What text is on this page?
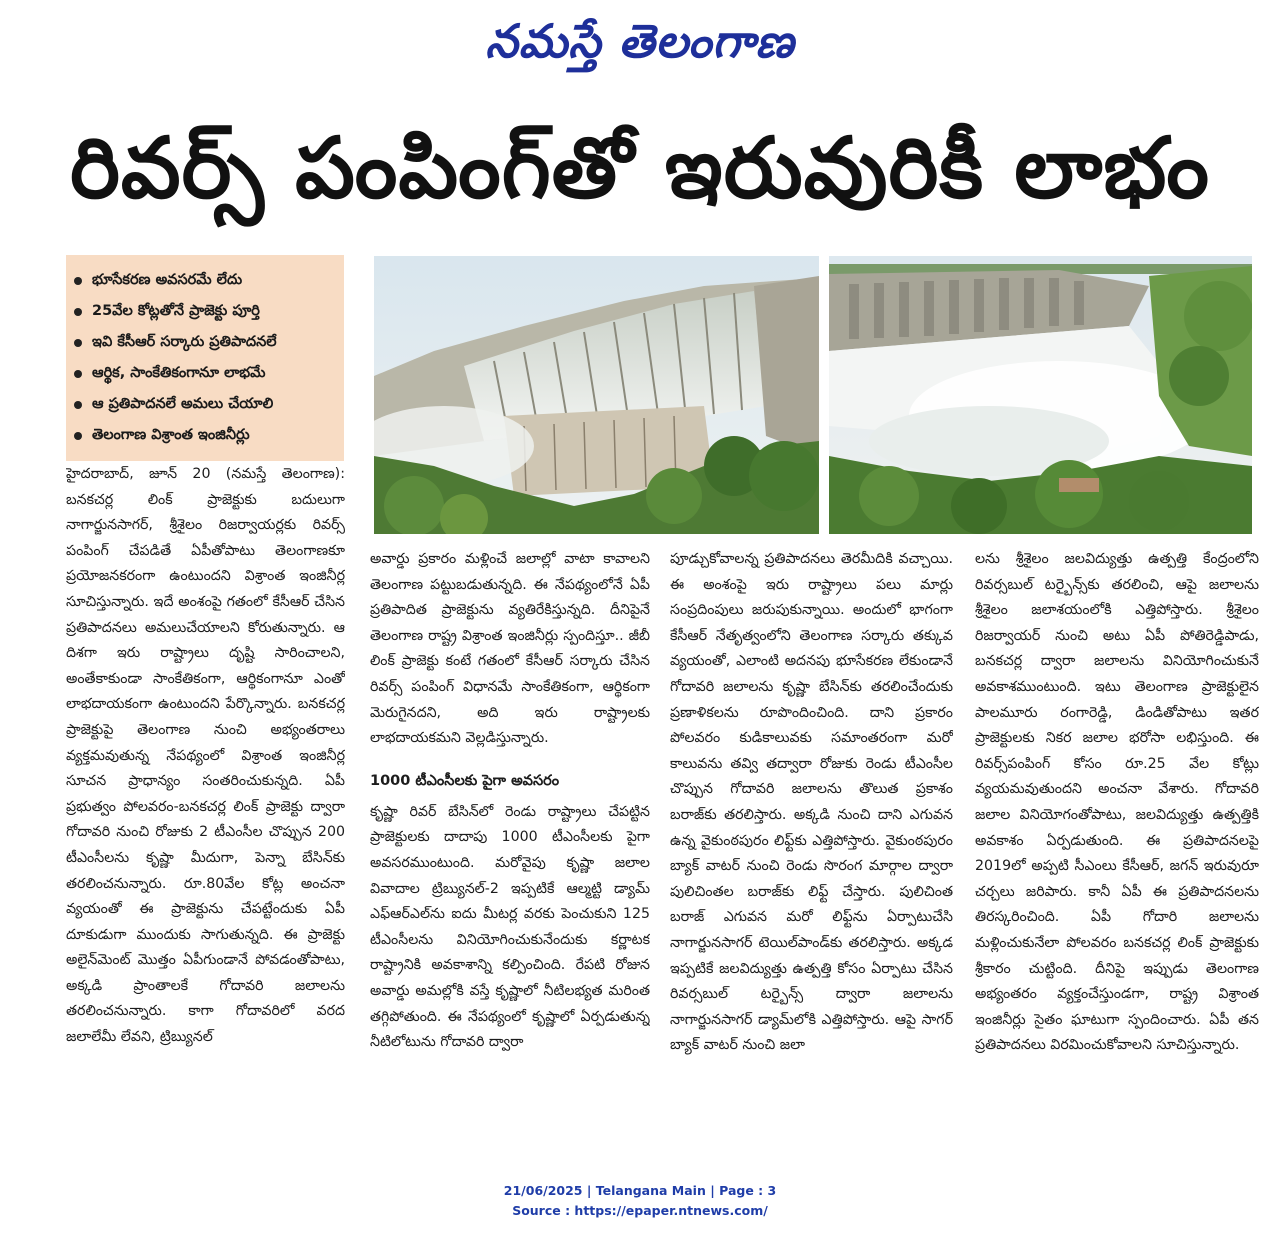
నమస్తే తెలంగాణ
రివర్స్ పంపింగ్‌తో ఇరువురికీ లాభం
భూసేకరణ అవసరమే లేదు
25వేల కోట్లతోనే ప్రాజెక్టు పూర్తి
ఇవి కేసీఆర్ సర్కారు ప్రతిపాదనలే
ఆర్థిక, సాంకేతికంగానూ లాభమే
ఆ ప్రతిపాదనలే అమలు చేయాలి
తెలంగాణ విశ్రాంత ఇంజినీర్లు

హైదరాబాద్, జూన్ 20 (నమస్తే తెలంగాణ): బనకచర్ల లింక్ ప్రాజెక్టుకు బదులుగా నాగార్జునసాగర్, శ్రీశైలం రిజర్వాయర్లకు రివర్స్ పంపింగ్ చేపడితే ఏపీతోపాటు తెలంగాణకూ ప్రయోజనకరంగా ఉంటుందని విశ్రాంత ఇంజినీర్ల సూచిస్తున్నారు. ఇదే అంశంపై గతంలో కేసీఆర్ చేసిన ప్రతిపాదనలు అమలుచేయాలని కోరుతున్నారు. ఆ దిశగా ఇరు రాష్ట్రాలు దృష్టి సారించాలని, అంతేకాకుండా సాంకేతికంగా, ఆర్థికంగానూ ఎంతో లాభదాయకంగా ఉంటుందని పేర్కొన్నారు. బనకచర్ల ప్రాజెక్టుపై తెలంగాణ నుంచి అభ్యంతరాలు వ్యక్తమవుతున్న నేపథ్యంలో విశ్రాంత ఇంజినీర్ల సూచన ప్రాధాన్యం సంతరించుకున్నది. ఏపీ ప్రభుత్వం పోలవరం-బనకచర్ల లింక్ ప్రాజెక్టు ద్వారా గోదావరి నుంచి రోజుకు 2 టీఎంసీల చొప్పున 200 టీఎంసీలను కృష్ణా మీదుగా, పెన్నా బేసిన్‌కు తరలించనున్నారు. రూ.80వేల కోట్ల అంచనా వ్యయంతో ఈ ప్రాజెక్టును చేపట్టేందుకు ఏపీ దూకుడుగా ముందుకు సాగుతున్నది. ఈ ప్రాజెక్టు అలైన్‌మెంట్ మొత్తం ఏపీగుండానే పోవడంతోపాటు, అక్కడి ప్రాంతాలకే గోదావరి జలాలను తరలించనున్నారు. కాగా గోదావరిలో వరద జలాలేమీ లేవని, ట్రిబ్యునల్

అవార్డు ప్రకారం మళ్లించే జలాల్లో వాటా కావాలని తెలంగాణ పట్టుబడుతున్నది. ఈ నేపథ్యంలోనే ఏపీ ప్రతిపాదిత ప్రాజెక్టును వ్యతిరేకిస్తున్నది. దీనిపైనే తెలంగాణ రాష్ట్ర విశ్రాంత ఇంజినీర్లు స్పందిస్తూ.. జీబీ లింక్ ప్రాజెక్టు కంటే గతంలో కేసీఆర్ సర్కారు చేసిన రివర్స్ పంపింగ్ విధానమే సాంకేతికంగా, ఆర్థికంగా మెరుగైనదని, అది ఇరు రాష్ట్రాలకు లాభదాయకమని వెల్లడిస్తున్నారు.

1000 టీఎంసీలకు పైగా అవసరం

కృష్ణా రివర్ బేసిన్‌లో రెండు రాష్ట్రాలు చేపట్టిన ప్రాజెక్టులకు దాదాపు 1000 టీఎంసీలకు పైగా అవసరముంటుంది. మరోవైపు కృష్ణా జలాల వివాదాల ట్రిబ్యునల్-2 ఇప్పటికే ఆల్మట్టి డ్యామ్ ఎఫ్‌ఆర్‌ఎల్‌ను ఐదు మీటర్ల వరకు పెంచుకుని 125 టీఎంసీలను వినియోగించుకునేందుకు కర్ణాటక రాష్ట్రానికి అవకాశాన్ని కల్పించింది. రేపటి రోజున అవార్డు అమల్లోకి వస్తే కృష్ణాలో నీటిలభ్యత మరింత తగ్గిపోతుంది. ఈ నేపథ్యంలో కృష్ణాలో ఏర్పడుతున్న నీటిలోటును గోదావరి ద్వారా

పూడ్చుకోవాలన్న ప్రతిపాదనలు తెరమీదికి వచ్చాయి. ఈ అంశంపై ఇరు రాష్ట్రాలు పలు మార్లు సంప్రదింపులు జరుపుకున్నాయి. అందులో భాగంగా కేసీఆర్ నేతృత్వంలోని తెలంగాణ సర్కారు తక్కువ వ్యయంతో, ఎలాంటి అదనపు భూసేకరణ లేకుండానే గోదావరి జలాలను కృష్ణా బేసిన్‌కు తరలించేందుకు ప్రణాళికలను రూపొందించింది. దాని ప్రకారం పోలవరం కుడికాలువకు సమాంతరంగా మరో కాలువను తవ్వి తద్వారా రోజుకు రెండు టీఎంసీల చొప్పున గోదావరి జలాలను తొలుత ప్రకాశం బరాజ్‌కు తరలిస్తారు. అక్కడి నుంచి దాని ఎగువన ఉన్న వైకుంఠపురం లిఫ్ట్‌కు ఎత్తిపోస్తారు. వైకుంఠపురం బ్యాక్ వాటర్ నుంచి రెండు సొరంగ మార్గాల ద్వారా పులిచింతల బరాజ్‌కు లిఫ్ట్ చేస్తారు. పులిచింత బరాజ్ ఎగువన మరో లిఫ్ట్‌ను ఏర్పాటుచేసి నాగార్జునసాగర్ టెయిల్‌పాండ్‌కు తరలిస్తారు. అక్కడ ఇప్పటికే జలవిద్యుత్తు ఉత్పత్తి కోసం ఏర్పాటు చేసిన రివర్సబుల్ టర్బైన్స్ ద్వారా జలాలను నాగార్జునసాగర్ డ్యామ్‌లోకి ఎత్తిపోస్తారు. ఆపై సాగర్ బ్యాక్ వాటర్ నుంచి జలా

లను శ్రీశైలం జలవిద్యుత్తు ఉత్పత్తి కేంద్రంలోని రివర్సబుల్ టర్బైన్స్‌కు తరలించి, ఆపై జలాలను శ్రీశైలం జలాశయంలోకి ఎత్తిపోస్తారు. శ్రీశైలం రిజర్వాయర్ నుంచి అటు ఏపీ పోతిరెడ్డిపాడు, బనకచర్ల ద్వారా జలాలను వినియోగించుకునే అవకాశముంటుంది. ఇటు తెలంగాణ ప్రాజెక్టులైన పాలమూరు రంగారెడ్డి, డిండితోపాటు ఇతర ప్రాజెక్టులకు నికర జలాల భరోసా లభిస్తుంది. ఈ రివర్స్‌పంపింగ్ కోసం రూ.25 వేల కోట్లు వ్యయమవుతుందని అంచనా వేశారు. గోదావరి జలాల వినియోగంతోపాటు, జలవిద్యుత్తు ఉత్పత్తికి అవకాశం ఏర్పడుతుంది. ఈ ప్రతిపాదనలపై 2019లో అప్పటి సీఎంలు కేసీఆర్, జగన్ ఇరువురూ చర్చలు జరిపారు. కానీ ఏపీ ఈ ప్రతిపాదనలను తిరస్కరించింది. ఏపీ గోదారి జలాలను మళ్లించుకునేలా పోలవరం బనకచర్ల లింక్ ప్రాజెక్టుకు శ్రీకారం చుట్టింది. దీనిపై ఇప్పుడు తెలంగాణ అభ్యంతరం వ్యక్తంచేస్తుండగా, రాష్ట్ర విశ్రాంత ఇంజినీర్లు సైతం ఘాటుగా స్పందించారు. ఏపీ తన ప్రతిపాదనలు విరమించుకోవాలని సూచిస్తున్నారు.

21/06/2025 | Telangana Main | Page : 3
Source : https://epaper.ntnews.com/
